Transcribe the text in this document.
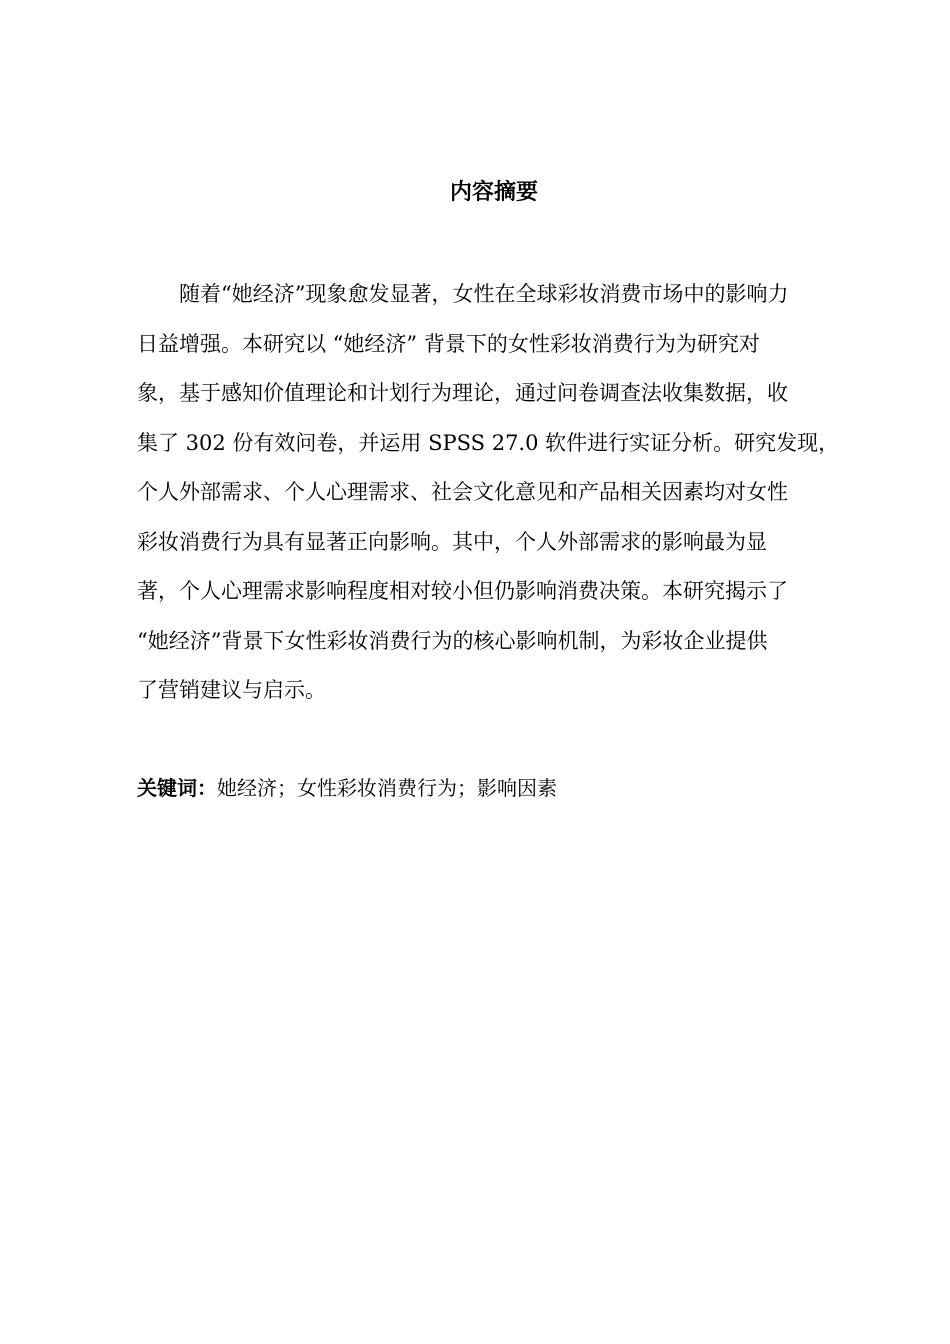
内容摘要
　　随着“她经济”现象愈发显著，女性在全球彩妆消费市场中的影响力
日益增强。本研究以 “她经济” 背景下的女性彩妆消费行为为研究对
象，基于感知价值理论和计划行为理论，通过问卷调查法收集数据，收
集了 302 份有效问卷，并运用 SPSS 27.0 软件进行实证分析。研究发现，
个人外部需求、个人心理需求、社会文化意见和产品相关因素均对女性
彩妆消费行为具有显著正向影响。其中，个人外部需求的影响最为显
著，个人心理需求影响程度相对较小但仍影响消费决策。本研究揭示了
“她经济”背景下女性彩妆消费行为的核心影响机制，为彩妆企业提供
了营销建议与启示。
关键词：她经济；女性彩妆消费行为；影响因素
